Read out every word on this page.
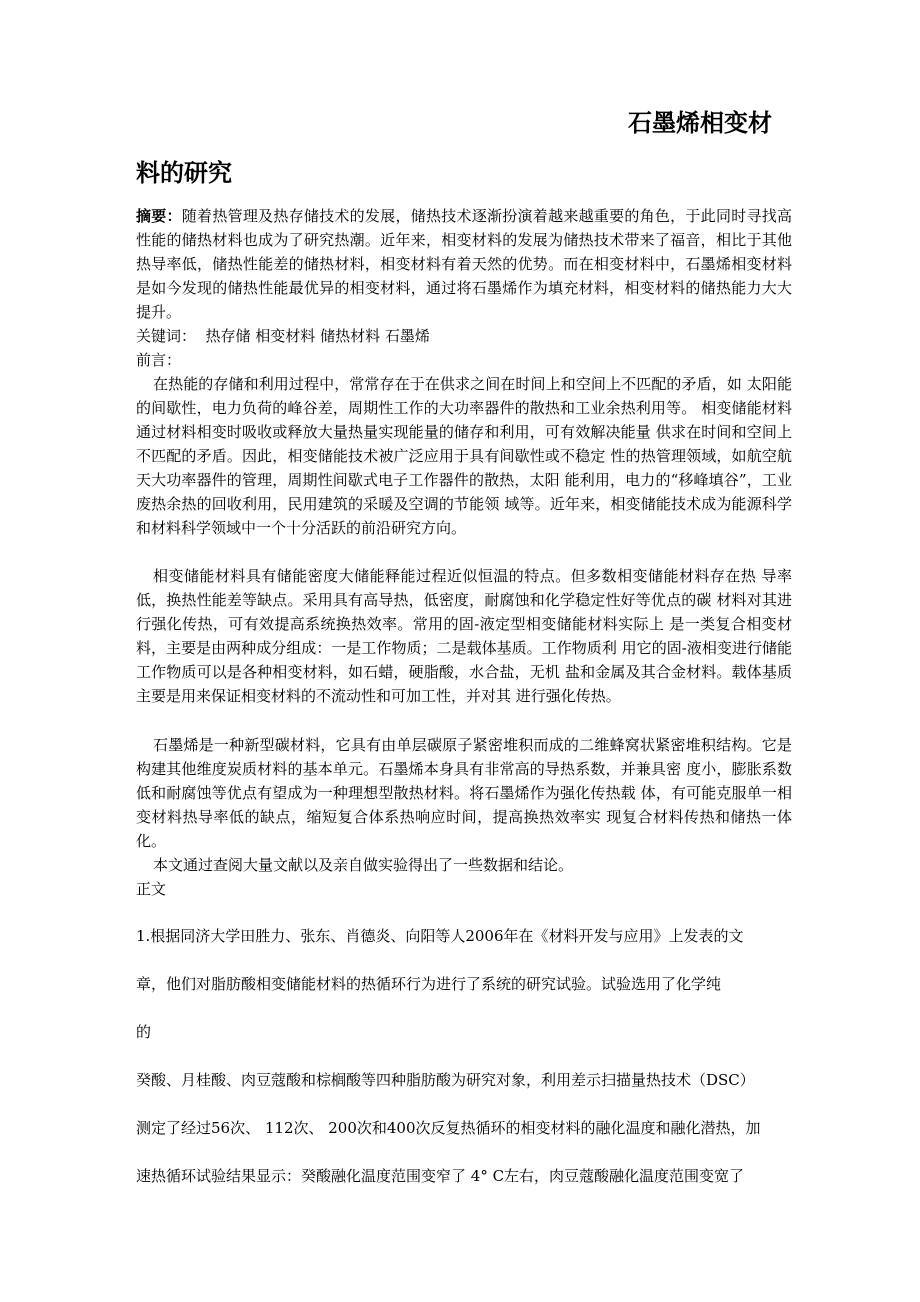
石墨烯相变材
料的研究
摘要：随着热管理及热存储技术的发展，储热技术逐渐扮演着越来越重要的角色，于此同时寻找高性能的储热材料也成为了研究热潮。近年来，相变材料的发展为储热技术带来了福音，相比于其他热导率低，储热性能差的储热材料，相变材料有着天然的优势。而在相变材料中，石墨烯相变材料是如今发现的储热性能最优异的相变材料，通过将石墨烯作为填充材料，相变材料的储热能力大大提升。
关键词：  热存储 相变材料 储热材料 石墨烯
前言：
在热能的存储和利用过程中，常常存在于在供求之间在时间上和空间上不匹配的矛盾，如 太阳能的间歇性，电力负荷的峰谷差，周期性工作的大功率器件的散热和工业余热利用等。 相变储能材料通过材料相变时吸收或释放大量热量实现能量的储存和利用，可有效解决能量 供求在时间和空间上不匹配的矛盾。因此，相变储能技术被广泛应用于具有间歇性或不稳定 性的热管理领域，如航空航天大功率器件的管理，周期性间歇式电子工作器件的散热，太阳 能利用，电力的“移峰填谷”，工业废热余热的回收利用，民用建筑的采暖及空调的节能领 域等。近年来，相变储能技术成为能源科学和材料科学领域中一个十分活跃的前沿研究方向。
相变储能材料具有储能密度大储能释能过程近似恒温的特点。但多数相变储能材料存在热 导率低，换热性能差等缺点。采用具有高导热，低密度，耐腐蚀和化学稳定性好等优点的碳 材料对其进行强化传热，可有效提高系统换热效率。常用的固-液定型相变储能材料实际上 是一类复合相变材料，主要是由两种成分组成：一是工作物质；二是载体基质。工作物质利 用它的固-液相变进行储能工作物质可以是各种相变材料，如石蜡，硬脂酸，水合盐，无机 盐和金属及其合金材料。载体基质主要是用来保证相变材料的不流动性和可加工性，并对其 进行强化传热。
石墨烯是一种新型碳材料，它具有由单层碳原子紧密堆积而成的二维蜂窝状紧密堆积结构。它是构建其他维度炭质材料的基本单元。石墨烯本身具有非常高的导热系数，并兼具密 度小，膨胀系数低和耐腐蚀等优点有望成为一种理想型散热材料。将石墨烯作为强化传热载 体，有可能克服单一相变材料热导率低的缺点，缩短复合体系热响应时间，提高换热效率实 现复合材料传热和储热一体化。
本文通过查阅大量文献以及亲自做实验得出了一些数据和结论。
正文
1.根据同济大学田胜力、张东、肖德炎、向阳等人2006年在《材料开发与应用》上发表的文
章，他们对脂肪酸相变储能材料的热循环行为进行了系统的研究试验。试验选用了化学纯
的
癸酸、月桂酸、肉豆蔻酸和棕榈酸等四种脂肪酸为研究对象，利用差示扫描量热技术（DSC）
测定了经过56次、 112次、 200次和400次反复热循环的相变材料的融化温度和融化潜热，加
速热循环试验结果显示：癸酸融化温度范围变窄了 4° C左右，肉豆蔻酸融化温度范围变宽了
